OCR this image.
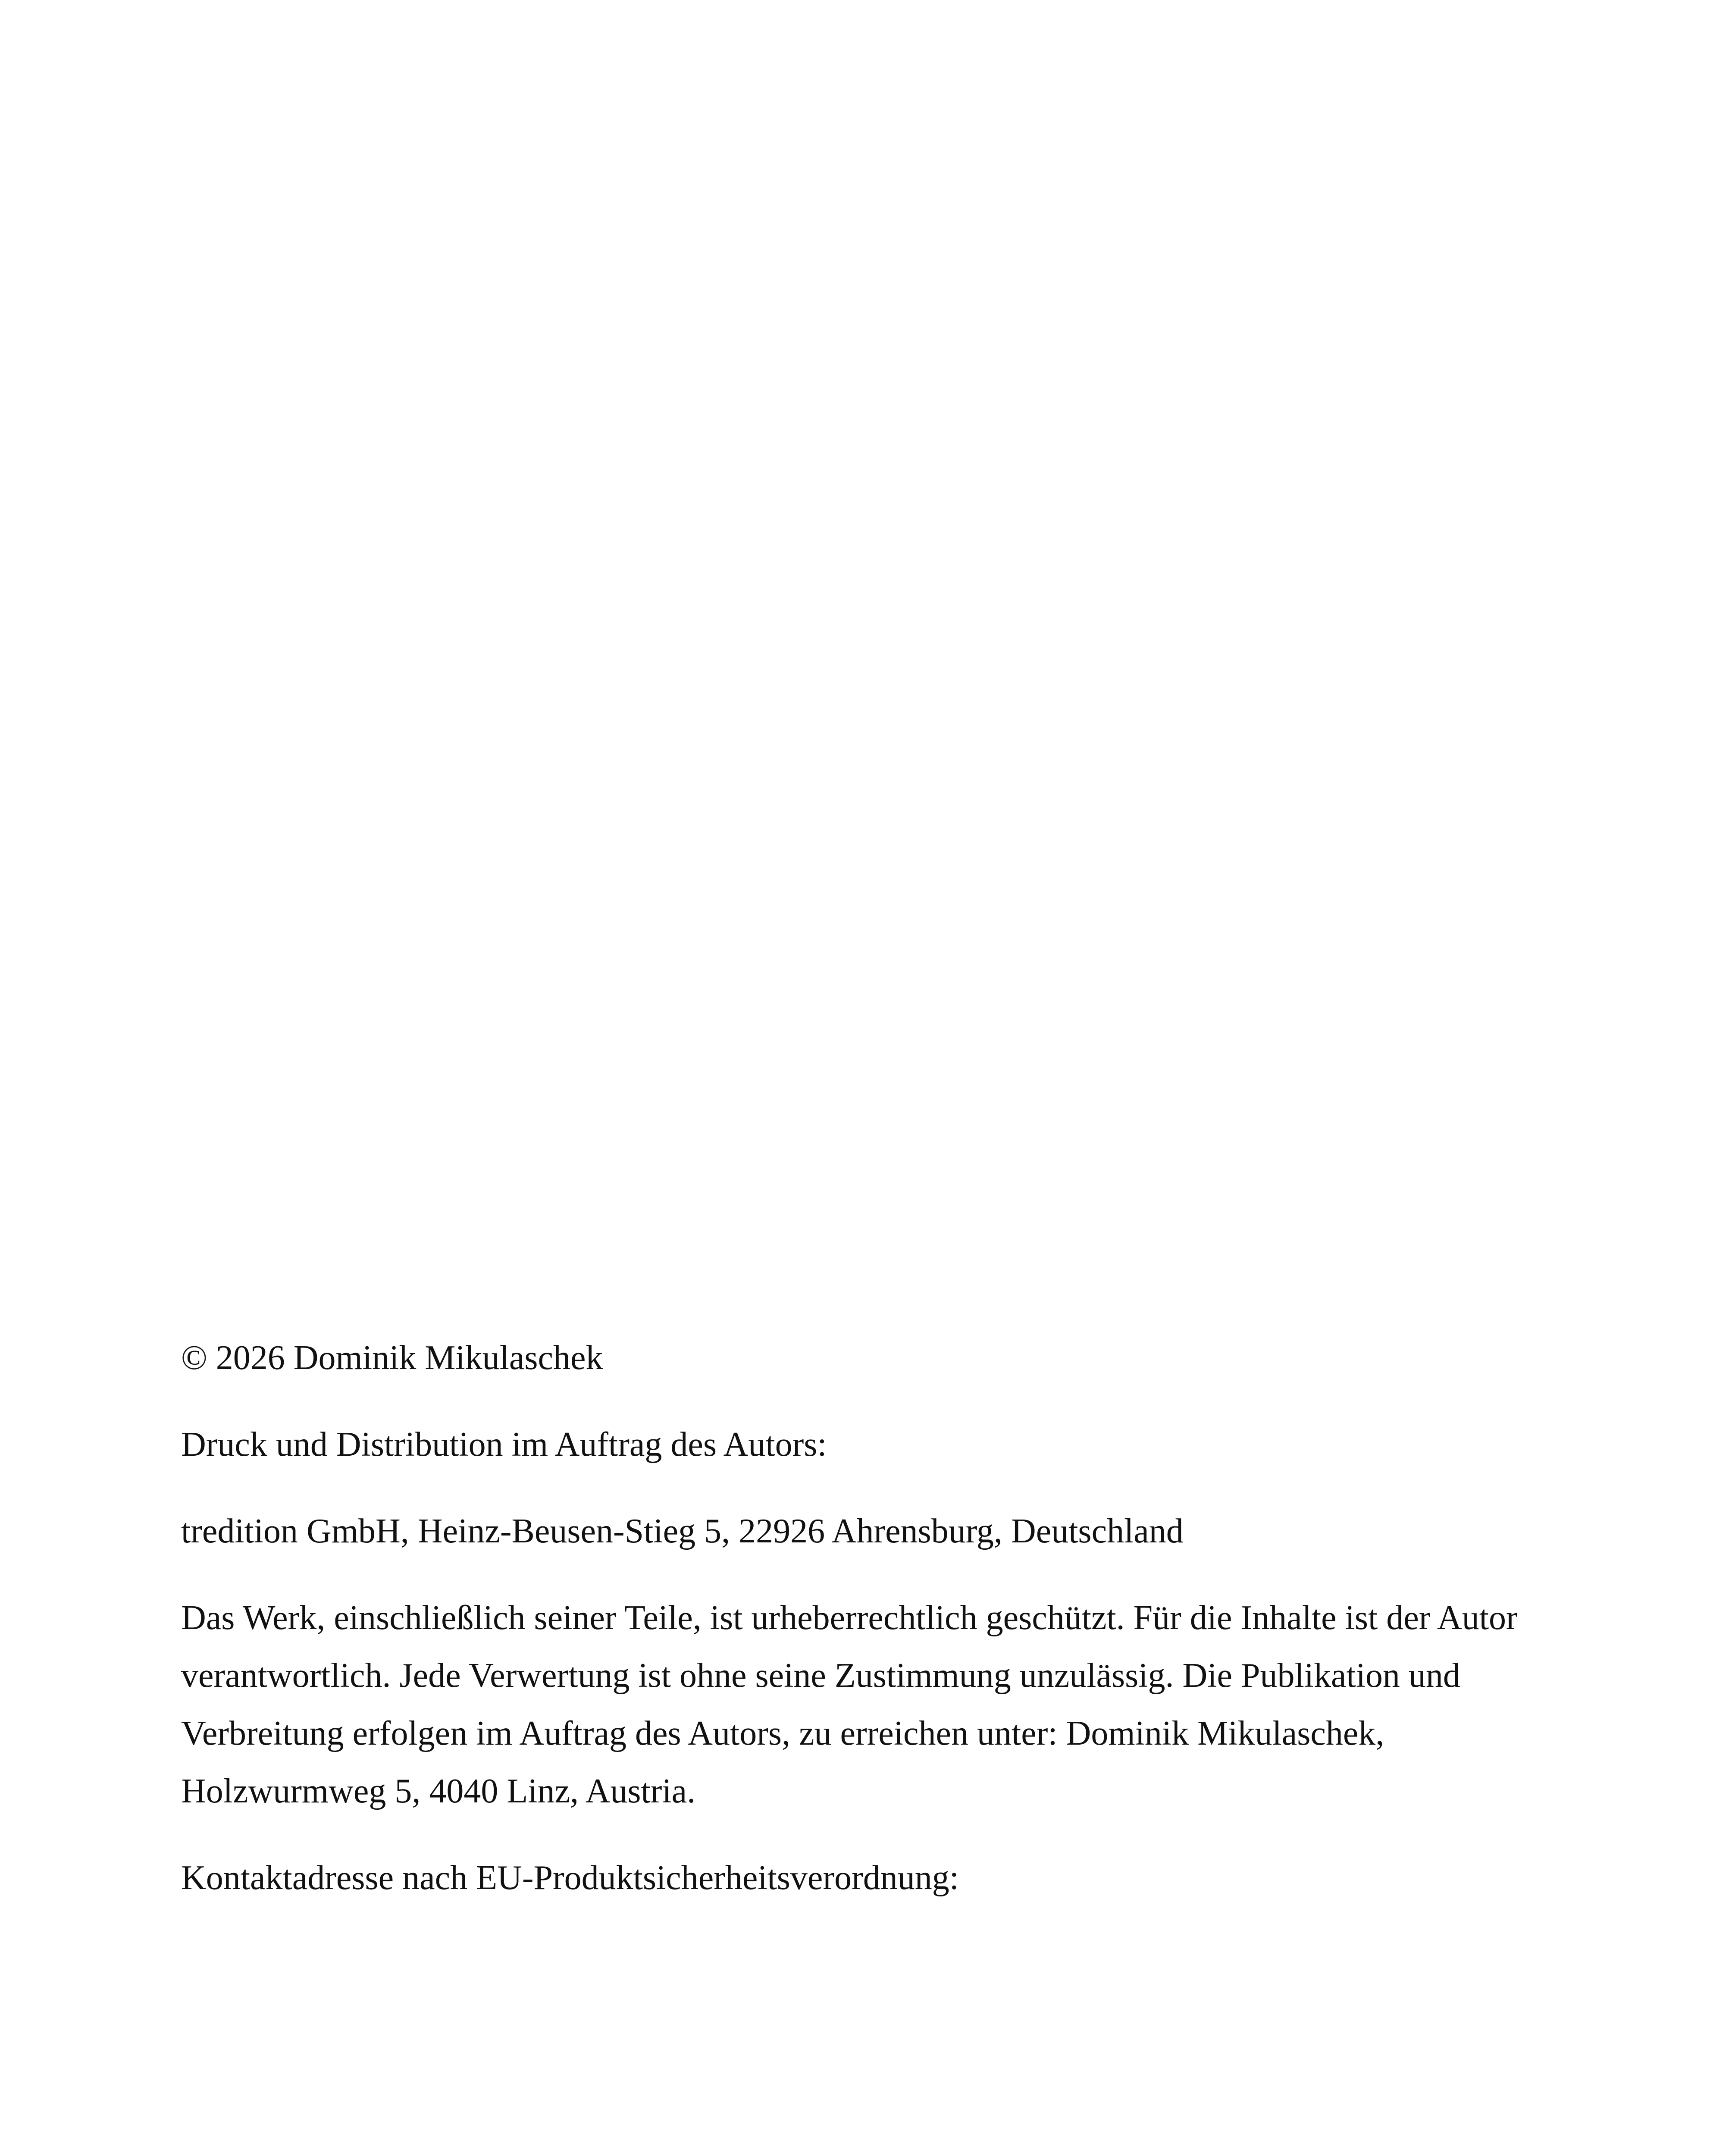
© 2026 Dominik Mikulaschek

Druck und Distribution im Auftrag des Autors:

tredition GmbH, Heinz-Beusen-Stieg 5, 22926 Ahrensburg, Deutschland

Das Werk, einschließlich seiner Teile, ist urheberrechtlich geschützt. Für die Inhalte ist der Autor verantwortlich. Jede Verwertung ist ohne seine Zustimmung unzulässig. Die Publikation und Verbreitung erfolgen im Auftrag des Autors, zu erreichen unter: Dominik Mikulaschek, Holzwurmweg 5, 4040 Linz, Austria.

Kontaktadresse nach EU-Produktsicherheitsverordnung:
